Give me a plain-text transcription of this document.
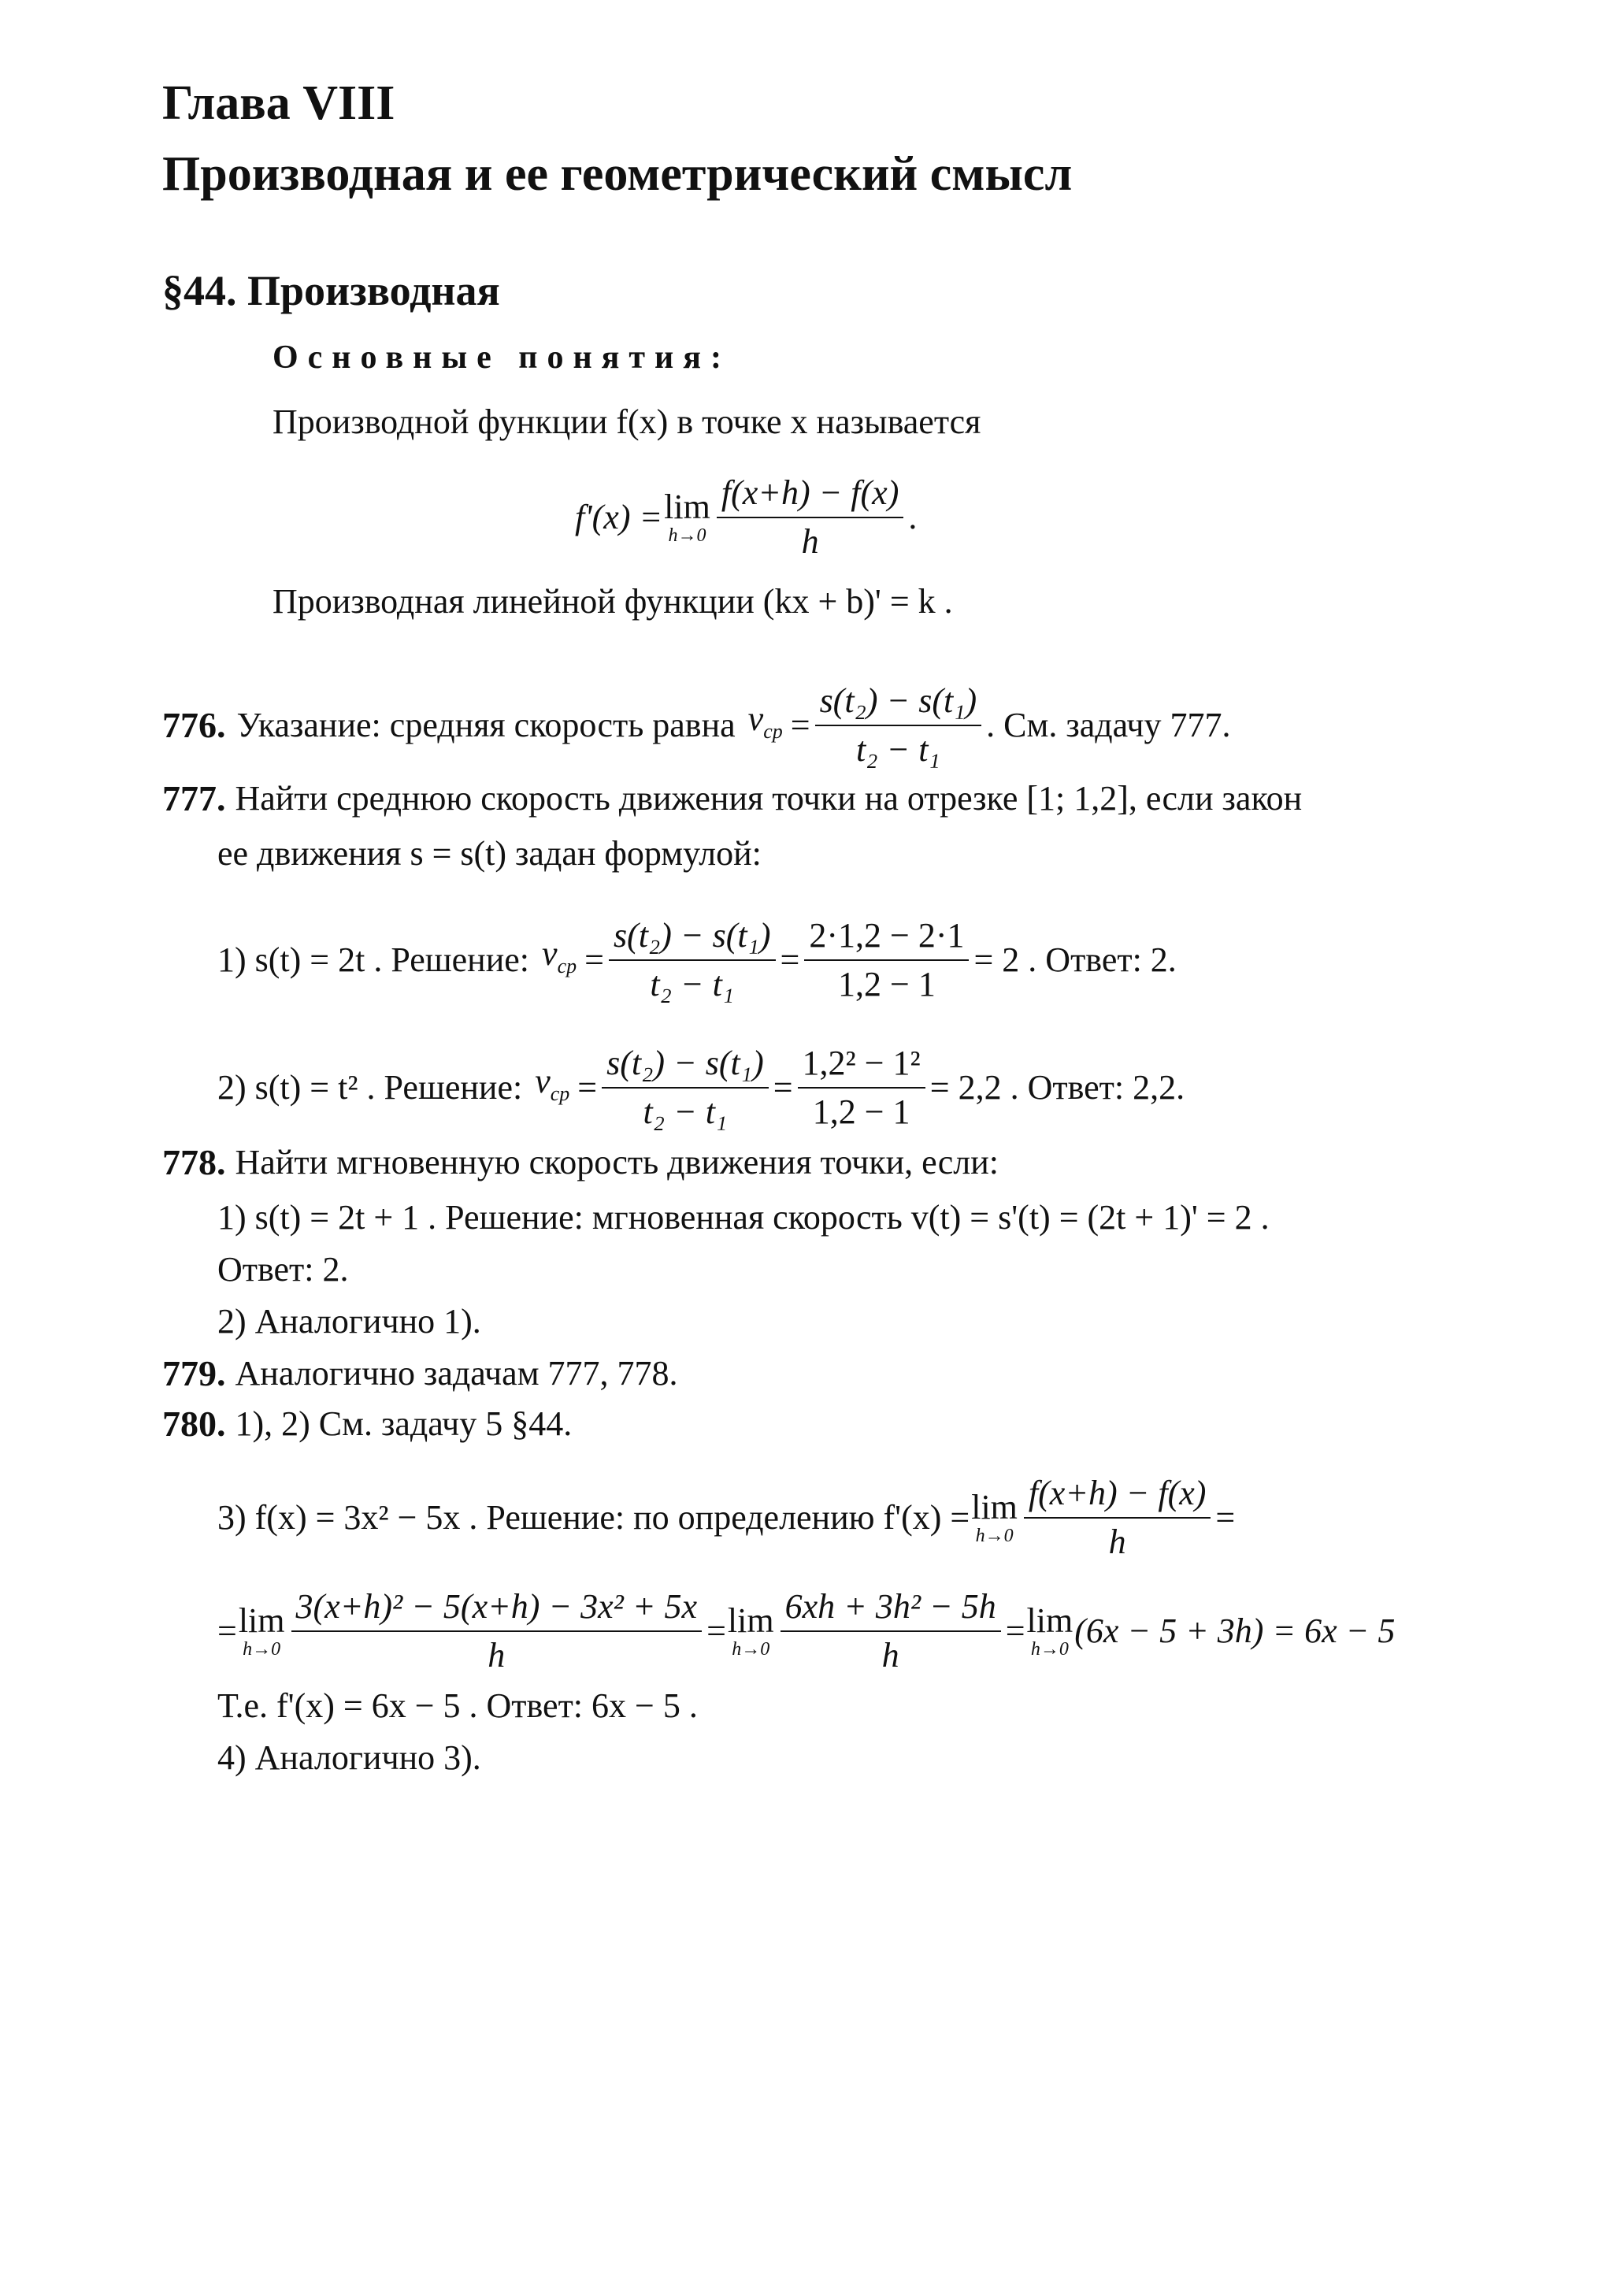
Глава VIII
Производная и ее геометрический смысл
§44. Производная
Основные понятия:
Производной функции f(x) в точке x называется
f'(x) = lim
$h\to 0 \frac{f(x+h) - f(x)}{h}$ .
Производная линейной функции (kx + b)' = k .
776. Указание: средняя скорость равна $v_{ср} = \frac{\text{s(t₂) − s(t₁)}}{\text{t₂ − t₁}}$ . См. задачу 777.
777. Найти среднюю скорость движения точки на отрезке [1; 1,2], если закон
ее движения s = s(t) задан формулой:
1) s(t) = 2t . Решение: $v_{ср} = \frac{\text{s(t₂) − s(t₁)}}{\text{t₂ − t₁}} = \frac{2\cdot 1,2 - 2\cdot 1}{1,2 - 1} = 2$ . Ответ: 2.
2) s(t) = t² . Решение: $v_{ср} = \frac{\text{s(t₂) − s(t₁)}}{\text{t₂ − t₁}} = \frac{\text{1,2² − 1²}}{1,2 - 1} = 2,2$ . Ответ: 2,2.
778. Найти мгновенную скорость движения точки, если:
1) s(t) = 2t + 1 . Решение: мгновенная скорость v(t) = s'(t) = (2t + 1)' = 2 .
Ответ: 2.
2) Аналогично 1).
779. Аналогично задачам 777, 778.
780. 1), 2) См. задачу 5 §44.
3) f(x) = 3x² − 5x . Решение: по определению f'(x) = lim
$h\to 0 \frac{f(x+h) - f(x)}{h}$ =
= lim
$h\to 0 \frac{\text{3(x+h)² − 5(x+h) − 3x² + 5x}}{h} = \lim$
$h\to 0 \frac{\text{6xh + 3h² − 5h}}{h} = \lim$
h→0 (6x − 5 + 3h) = 6x − 5
Т.е. f'(x) = 6x − 5 . Ответ: 6x − 5 .
4) Аналогично 3).
